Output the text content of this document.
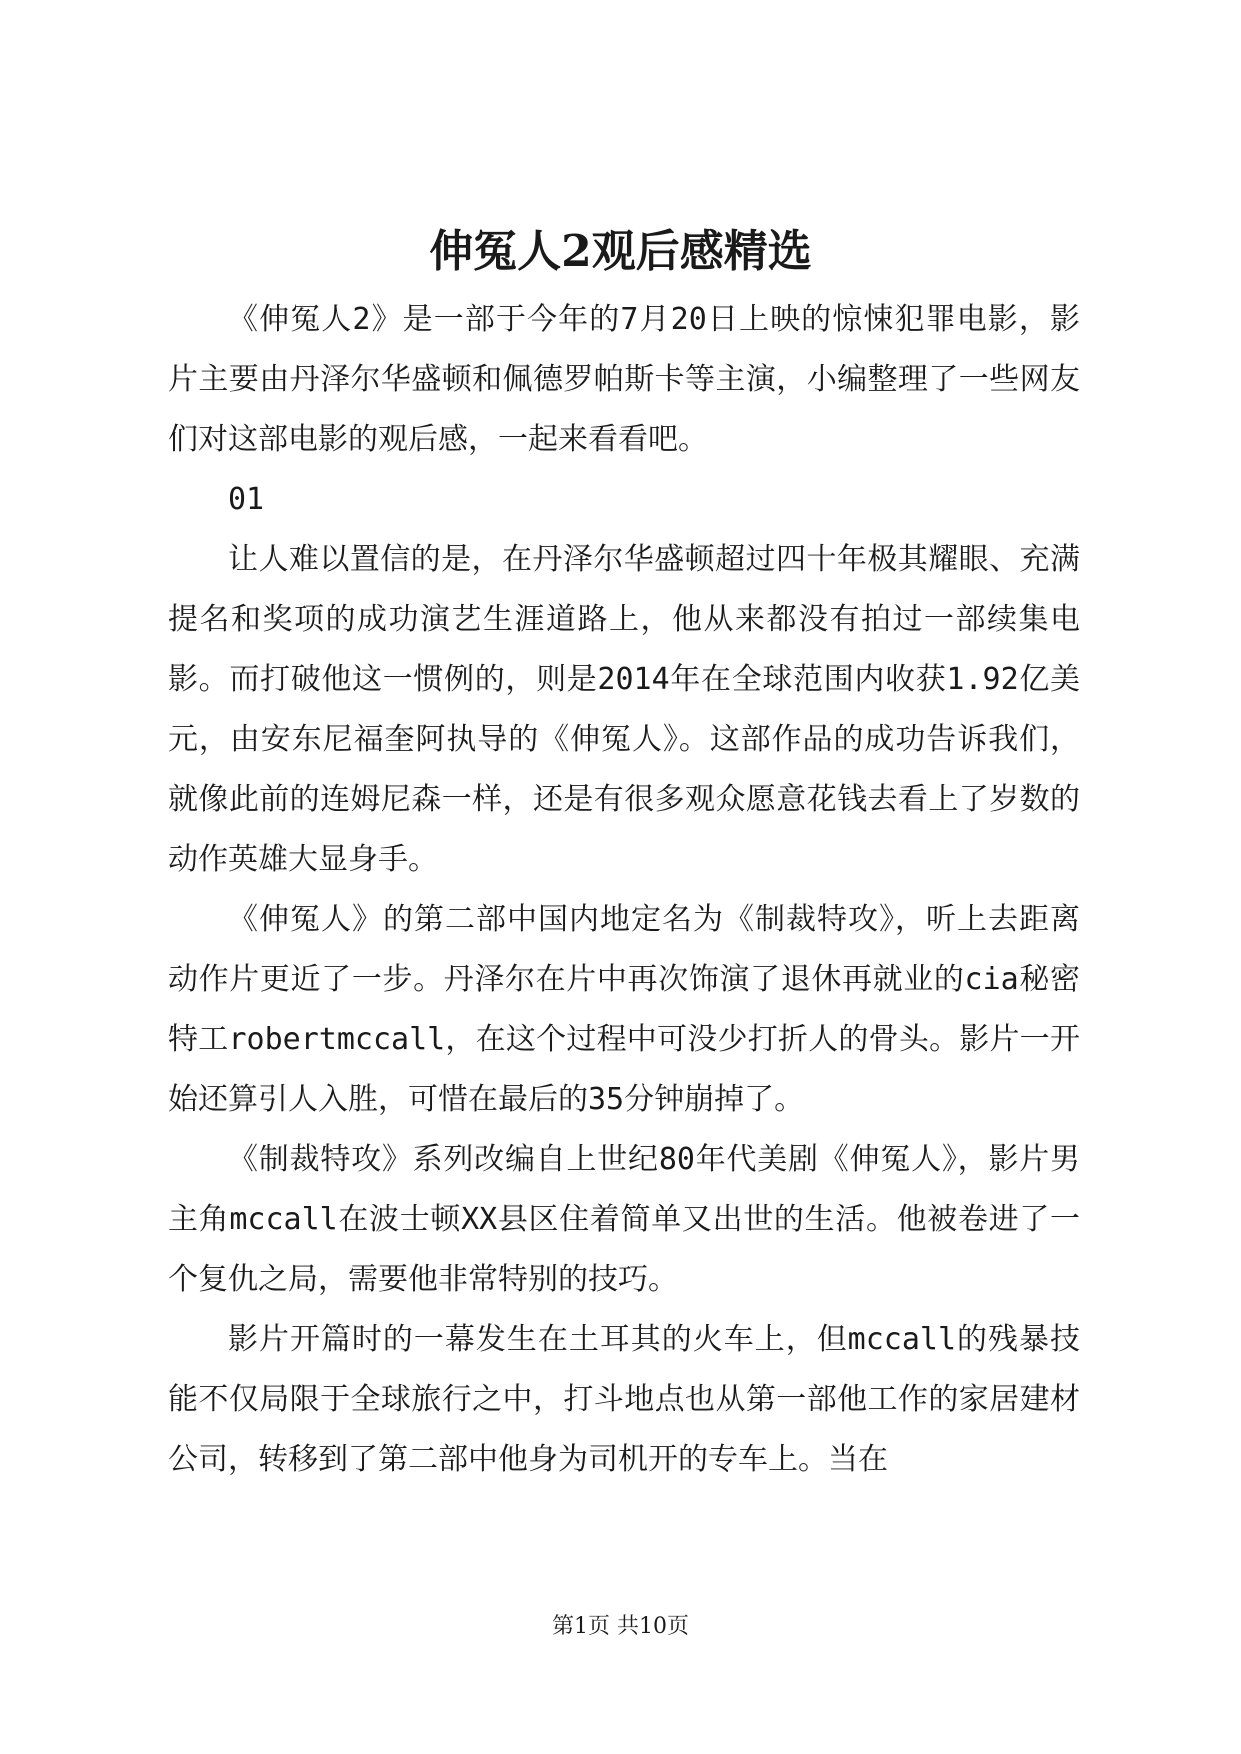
伸冤人2观后感精选

《伸冤人2》是一部于今年的7月20日上映的惊悚犯罪电影，影片主要由丹泽尔华盛顿和佩德罗帕斯卡等主演，小编整理了一些网友们对这部电影的观后感，一起来看看吧。

01

让人难以置信的是，在丹泽尔华盛顿超过四十年极其耀眼、充满提名和奖项的成功演艺生涯道路上，他从来都没有拍过一部续集电影。而打破他这一惯例的，则是2014年在全球范围内收获1.92亿美元，由安东尼福奎阿执导的《伸冤人》。这部作品的成功告诉我们，就像此前的连姆尼森一样，还是有很多观众愿意花钱去看上了岁数的动作英雄大显身手。

《伸冤人》的第二部中国内地定名为《制裁特攻》，听上去距离动作片更近了一步。丹泽尔在片中再次饰演了退休再就业的cia秘密特工robertmccall，在这个过程中可没少打折人的骨头。影片一开始还算引人入胜，可惜在最后的35分钟崩掉了。

《制裁特攻》系列改编自上世纪80年代美剧《伸冤人》，影片男主角mccall在波士顿XX县区住着简单又出世的生活。他被卷进了一个复仇之局，需要他非常特别的技巧。

影片开篇时的一幕发生在土耳其的火车上，但mccall的残暴技能不仅局限于全球旅行之中，打斗地点也从第一部他工作的家居建材公司，转移到了第二部中他身为司机开的专车上。当在

第1页 共10页
